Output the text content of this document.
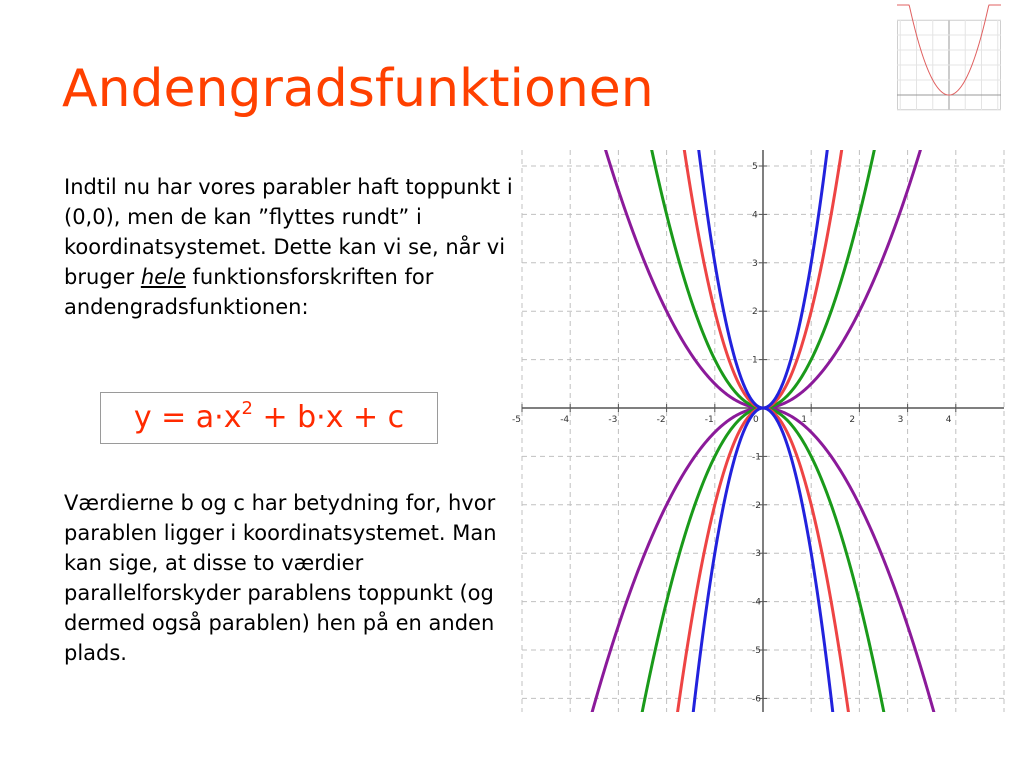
Andengradsfunktionen

Indtil nu har vores parabler haft toppunkt i (0,0), men de kan ”flyttes rundt” i koordinatsystemet. Dette kan vi se, når vi bruger hele funktionsforskriften for andengradsfunktionen:

$y = a\cdot x^2 + b\cdot x + c$

Værdierne b og c har betydning for, hvor parablen ligger i koordinatsystemet. Man kan sige, at disse to værdier parallelforskyder parablens toppunkt (og dermed også parablen) hen på en anden plads.

-5	-4	-3	-2	-1	0	1	2	3	4
5
4
3
2
1
-1
-2
-3
-4
-5
-6
